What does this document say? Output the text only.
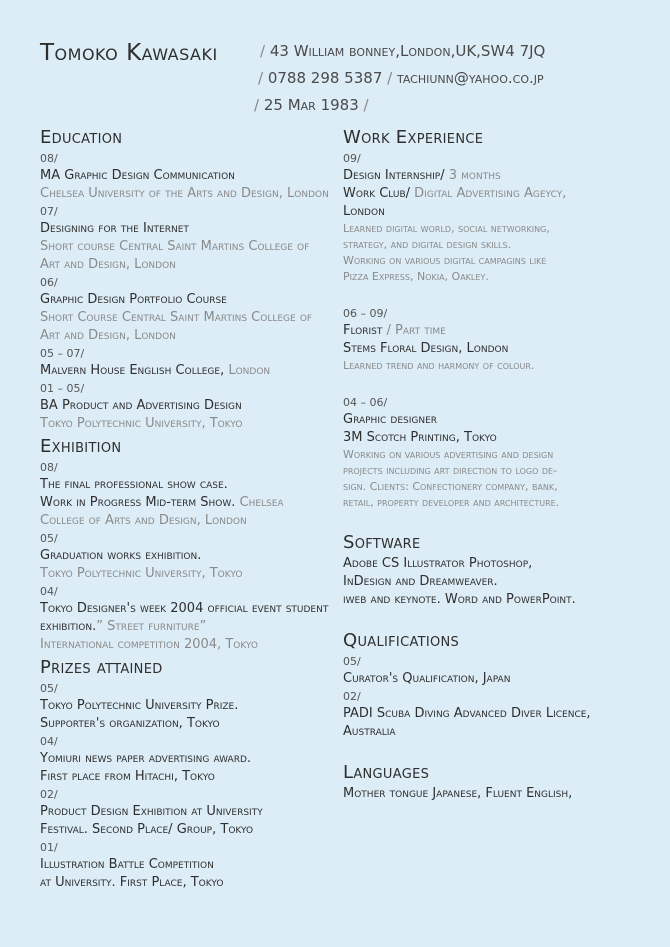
Tomoko Kawasaki	/ 43 William bonney,London,UK,SW4 7JQ
/ 0788 298 5387 / tachiunn@yahoo.co.jp
/ 25 Mar 1983 /
Education
08/
MA Graphic Design Communication
Chelsea University of the Arts and Design, London
07/
Designing for the Internet
Short course Central Saint Martins College of Art and Design, London
06/
Graphic Design Portfolio Course
Short Course Central Saint Martins College of Art and Design, London
05 – 07/
Malvern House English College, London
01 – 05/
BA Product and Advertising Design
Tokyo Polytechnic University, Tokyo
Exhibition
08/
The final professional show case.
Work in Progress Mid-term Show. Chelsea College of Arts and Design, London
05/
Graduation works exhibition.
Tokyo Polytechnic University, Tokyo
04/
Tokyo Designer's week 2004 official event student exhibition.” Street furniture”
International competition 2004, Tokyo
Prizes attained
05/
Tokyo Polytechnic University Prize.
Supporter's organization, Tokyo
04/
Yomiuri news paper advertising award.
First place from Hitachi, Tokyo
02/
Product Design Exhibition at University
Festival. Second Place/ Group, Tokyo
01/
Illustration Battle Competition
at University. First Place, Tokyo
Work Experience
09/
Design Internship/ 3 months
Work Club/ Digital Advertising Ageycy,
London
Learned digital world, social networking,
strategy, and digital design skills.
Working on various digital campagins like
Pizza Express, Nokia, Oakley.
06 – 09/
Florist / Part time
Stems Floral Design, London
Learned trend and harmony of colour.
04 – 06/
Graphic designer
3M Scotch Printing, Tokyo
Working on various advertising and design
projects including art direction to logo de-
sign. Clients: Confectionery company, bank,
retail, property developer and architecture.
Software
Adobe CS Illustrator Photoshop,
InDesign and Dreamweaver.
iweb and keynote. Word and PowerPoint.
Qualifications
05/
Curator's Qualification, Japan
02/
PADI Scuba Diving Advanced Diver Licence,
Australia
Languages
Mother tongue Japanese, Fluent English,
